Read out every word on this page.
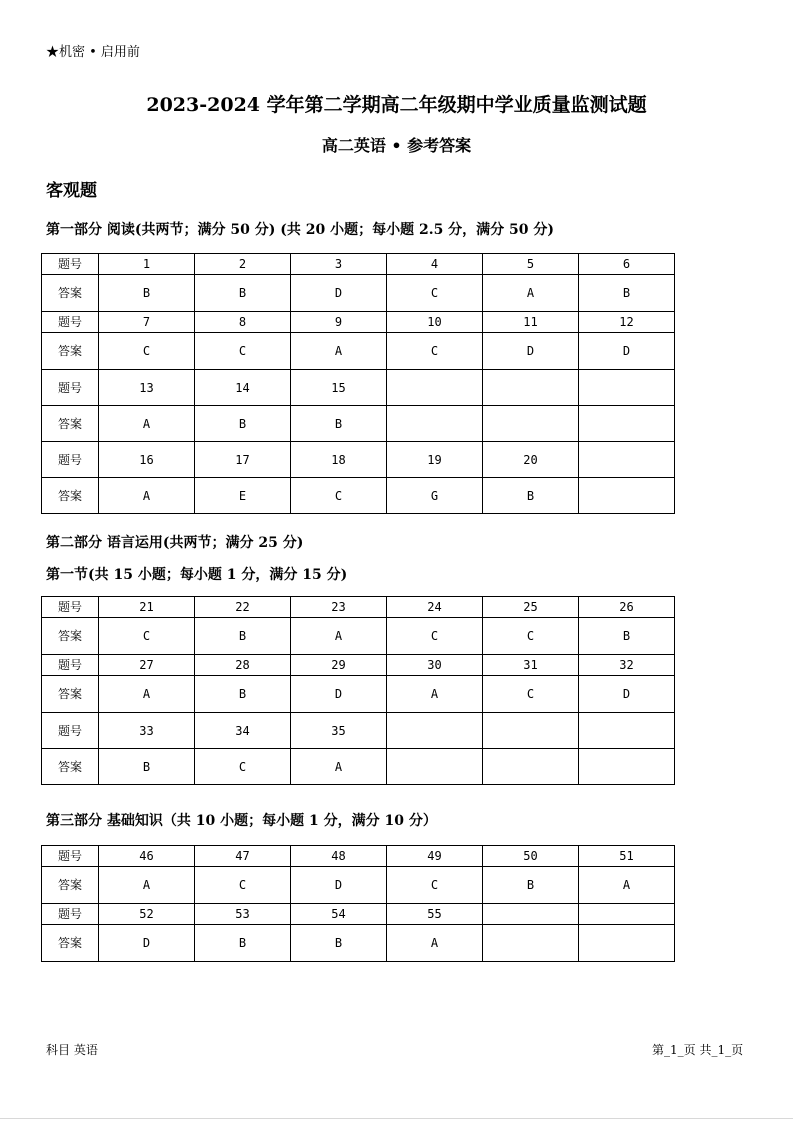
★机密 • 启用前
2023-2024 学年第二学期高二年级期中学业质量监测试题
高二英语 • 参考答案
客观题
第一部分 阅读(共两节；满分 50 分) (共 20 小题；每小题 2.5 分，满分 50 分)
题号	1	2	3	4	5	6
答案	B	B	D	C	A	B
题号	7	8	9	10	11	12
答案	C	C	A	C	D	D
题号	13	14	15			
答案	A	B	B			
题号	16	17	18	19	20	
答案	A	E	C	G	B	
第二部分 语言运用(共两节；满分 25 分)
第一节(共 15 小题；每小题 1 分，满分 15 分)
题号	21	22	23	24	25	26
答案	C	B	A	C	C	B
题号	27	28	29	30	31	32
答案	A	B	D	A	C	D
题号	33	34	35			
答案	B	C	A			
第三部分 基础知识（共 10 小题；每小题 1 分，满分 10 分）
题号	46	47	48	49	50	51
答案	A	C	D	C	B	A
题号	52	53	54	55		
答案	D	B	B	A		
科目 英语	第_1_页 共_1_页
